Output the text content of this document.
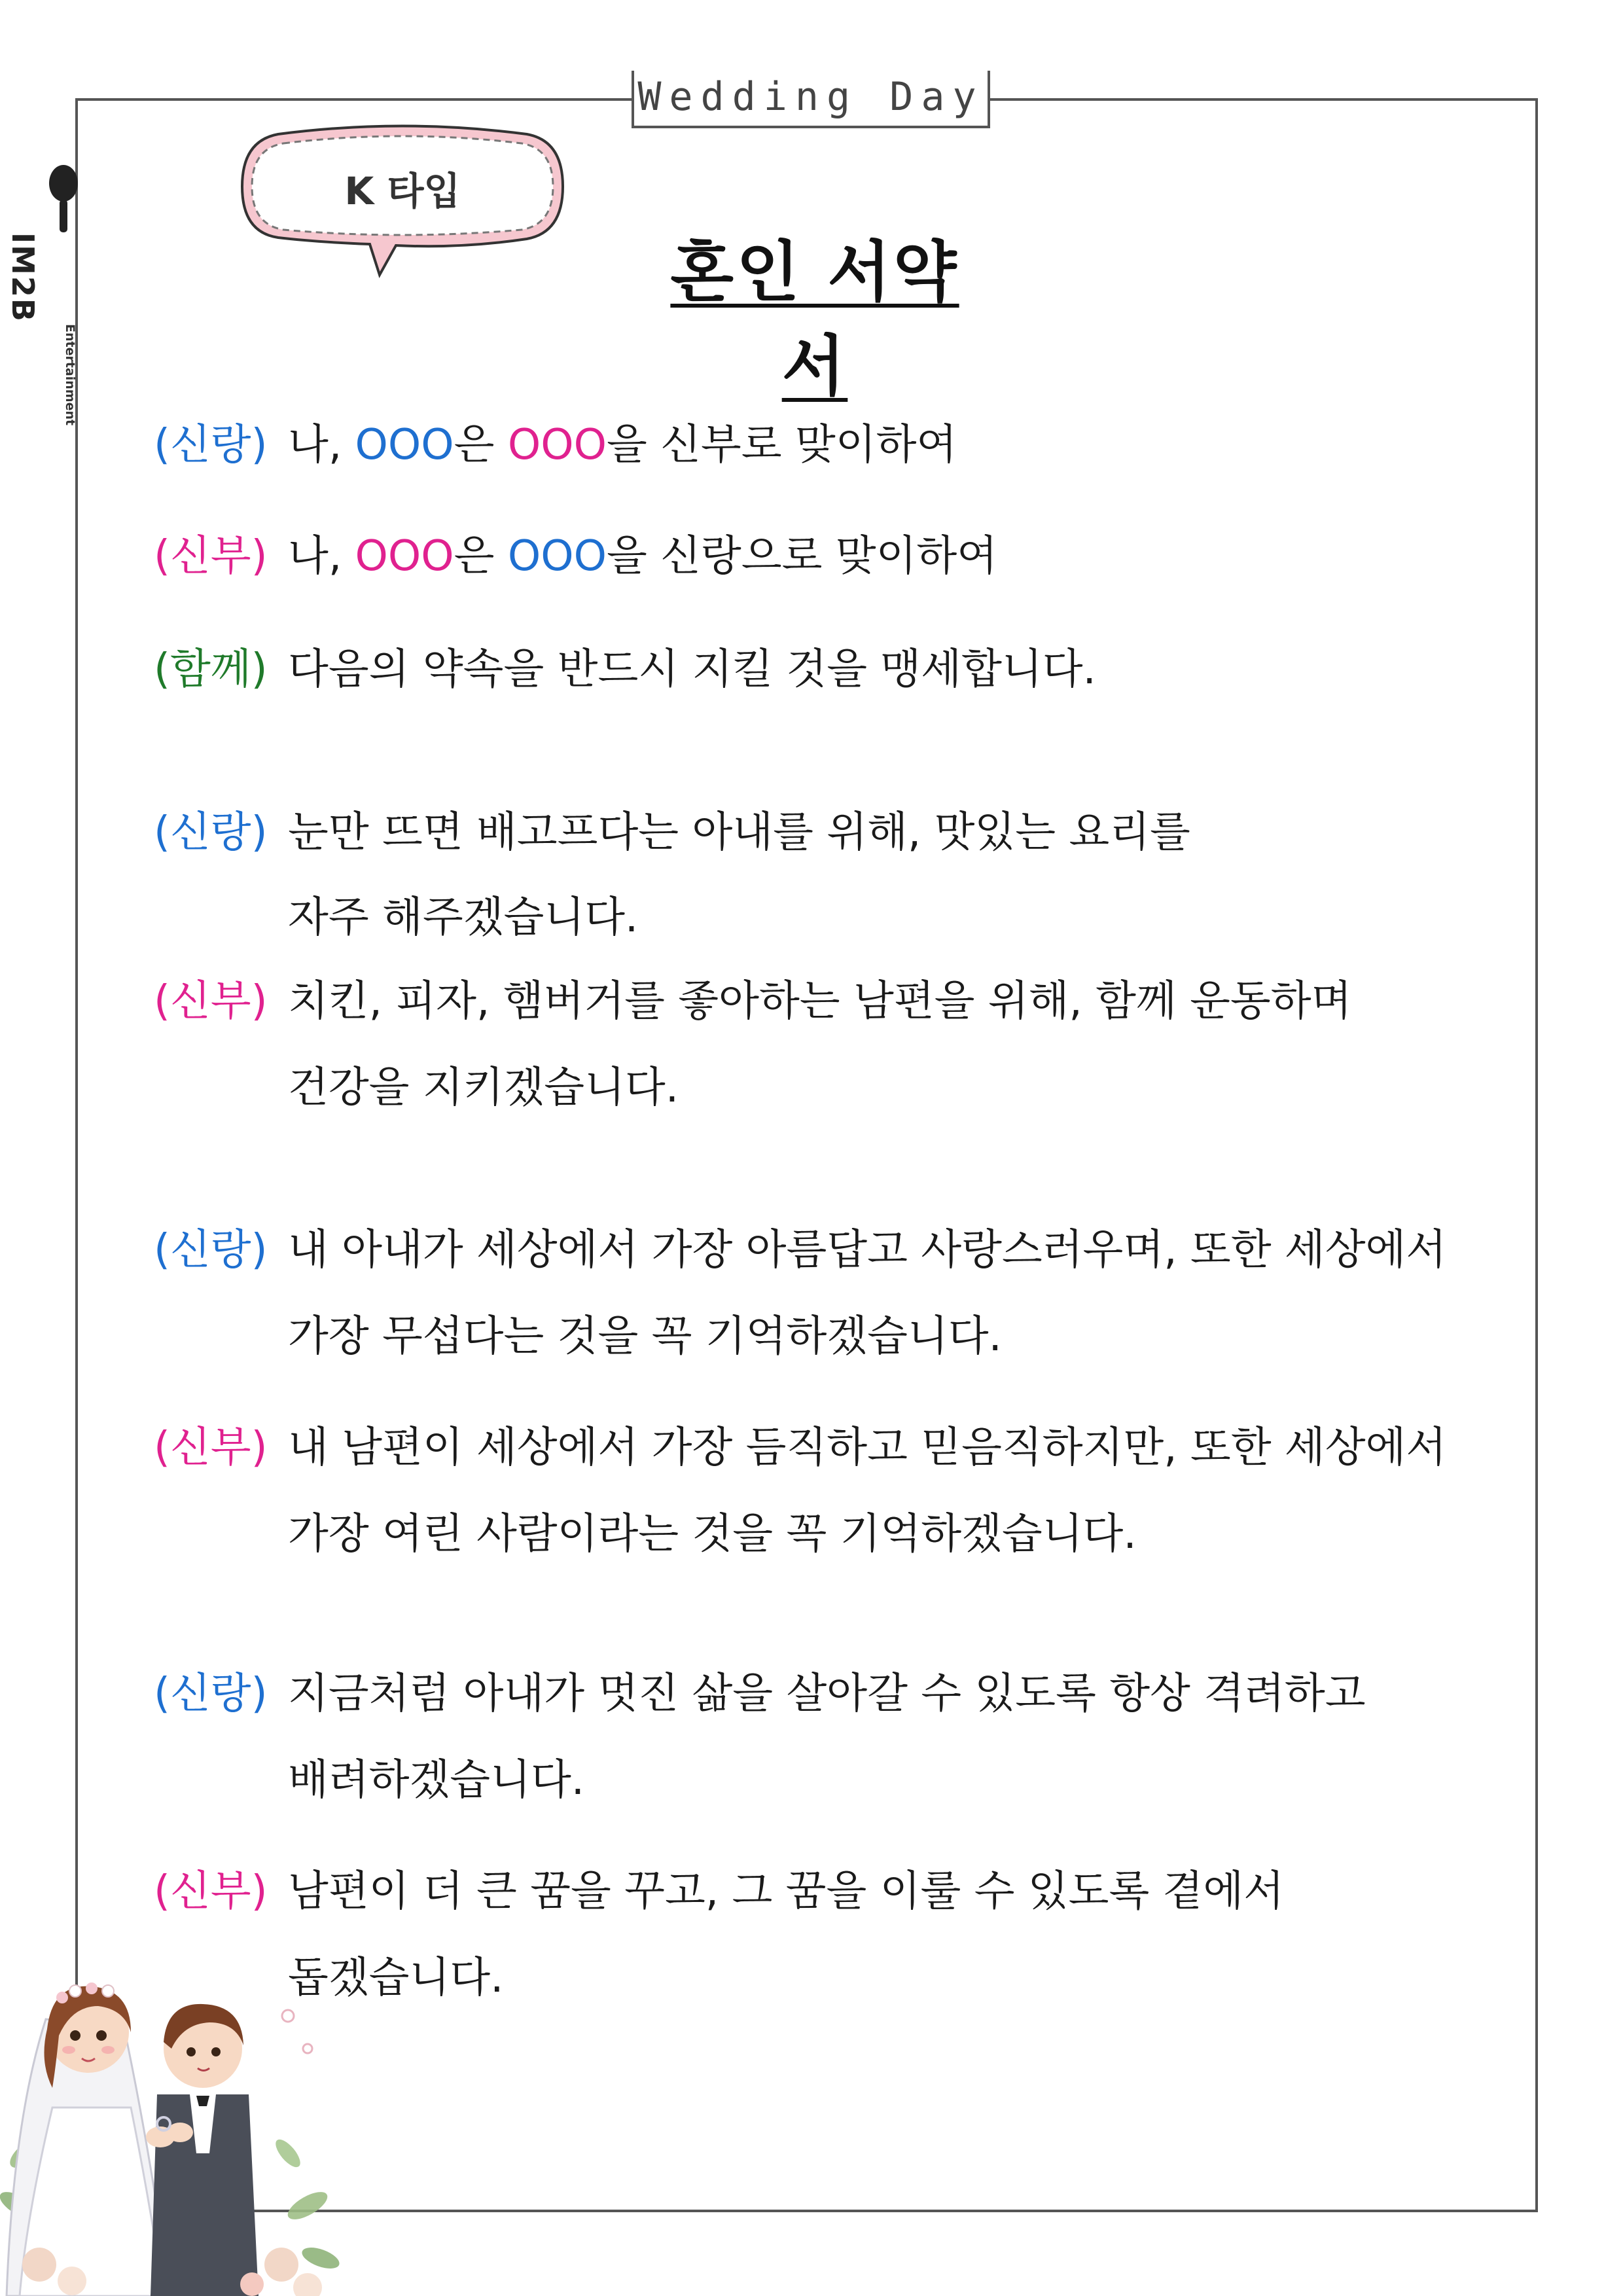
Wedding Day
IM2B
Entertainment
K 타입
혼인 서약서
(신랑) 나, OOO은 OOO을 신부로 맞이하여
(신부) 나, OOO은 OOO을 신랑으로 맞이하여
(함께) 다음의 약속을 반드시 지킬 것을 맹세합니다.
(신랑) 눈만 뜨면 배고프다는 아내를 위해, 맛있는 요리를
자주 해주겠습니다.
(신부) 치킨, 피자, 햄버거를 좋아하는 남편을 위해, 함께 운동하며
건강을 지키겠습니다.
(신랑) 내 아내가 세상에서 가장 아름답고 사랑스러우며, 또한 세상에서
가장 무섭다는 것을 꼭 기억하겠습니다.
(신부) 내 남편이 세상에서 가장 듬직하고 믿음직하지만, 또한 세상에서
가장 여린 사람이라는 것을 꼭 기억하겠습니다.
(신랑) 지금처럼 아내가 멋진 삶을 살아갈 수 있도록 항상 격려하고
배려하겠습니다.
(신부) 남편이 더 큰 꿈을 꾸고, 그 꿈을 이룰 수 있도록 곁에서
돕겠습니다.
